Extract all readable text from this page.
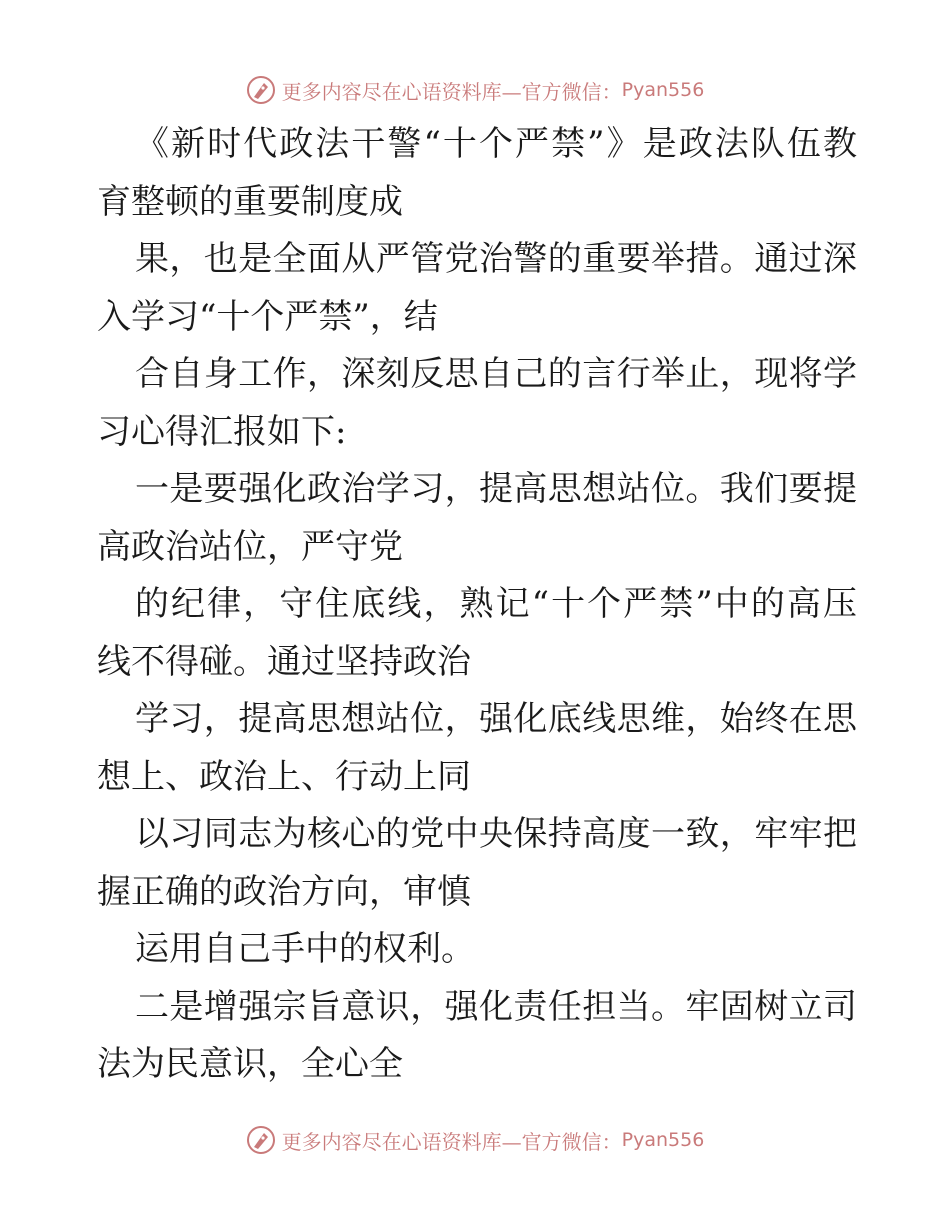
更多内容尽在心语资料库—官方微信： Pyan556
《新时代政法干警“十个严禁”》是政法队伍教
育整顿的重要制度成
果，也是全面从严管党治警的重要举措。通过深
入学习“十个严禁”，结
合自身工作，深刻反思自己的言行举止，现将学
习心得汇报如下:
一是要强化政治学习，提高思想站位。我们要提
高政治站位，严守党
的纪律，守住底线，熟记“十个严禁”中的高压
线不得碰。通过坚持政治
学习，提高思想站位，强化底线思维，始终在思
想上、政治上、行动上同
以习同志为核心的党中央保持高度一致，牢牢把
握正确的政治方向，审慎
运用自己手中的权利。
二是增强宗旨意识，强化责任担当。牢固树立司
法为民意识，全心全
更多内容尽在心语资料库—官方微信： Pyan556
